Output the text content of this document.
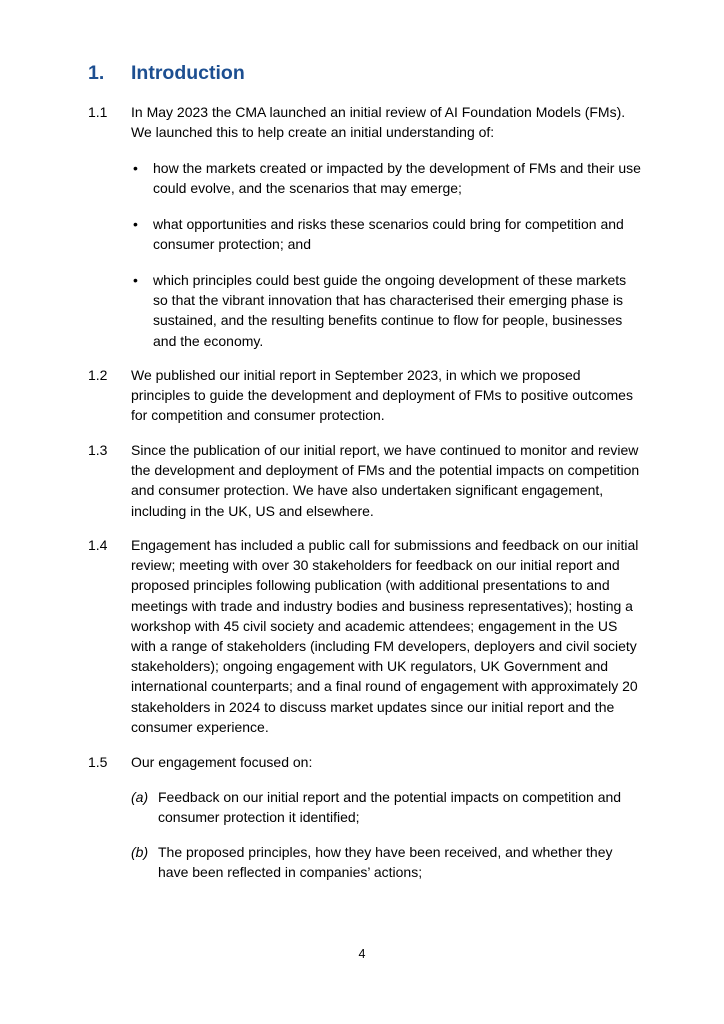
1. Introduction
1.1 In May 2023 the CMA launched an initial review of AI Foundation Models (FMs). We launched this to help create an initial understanding of:
• how the markets created or impacted by the development of FMs and their use could evolve, and the scenarios that may emerge;
• what opportunities and risks these scenarios could bring for competition and consumer protection; and
• which principles could best guide the ongoing development of these markets so that the vibrant innovation that has characterised their emerging phase is sustained, and the resulting benefits continue to flow for people, businesses and the economy.
1.2 We published our initial report in September 2023, in which we proposed principles to guide the development and deployment of FMs to positive outcomes for competition and consumer protection.
1.3 Since the publication of our initial report, we have continued to monitor and review the development and deployment of FMs and the potential impacts on competition and consumer protection. We have also undertaken significant engagement, including in the UK, US and elsewhere.
1.4 Engagement has included a public call for submissions and feedback on our initial review; meeting with over 30 stakeholders for feedback on our initial report and proposed principles following publication (with additional presentations to and meetings with trade and industry bodies and business representatives); hosting a workshop with 45 civil society and academic attendees; engagement in the US with a range of stakeholders (including FM developers, deployers and civil society stakeholders); ongoing engagement with UK regulators, UK Government and international counterparts; and a final round of engagement with approximately 20 stakeholders in 2024 to discuss market updates since our initial report and the consumer experience.
1.5 Our engagement focused on:
(a) Feedback on our initial report and the potential impacts on competition and consumer protection it identified;
(b) The proposed principles, how they have been received, and whether they have been reflected in companies’ actions;
4
